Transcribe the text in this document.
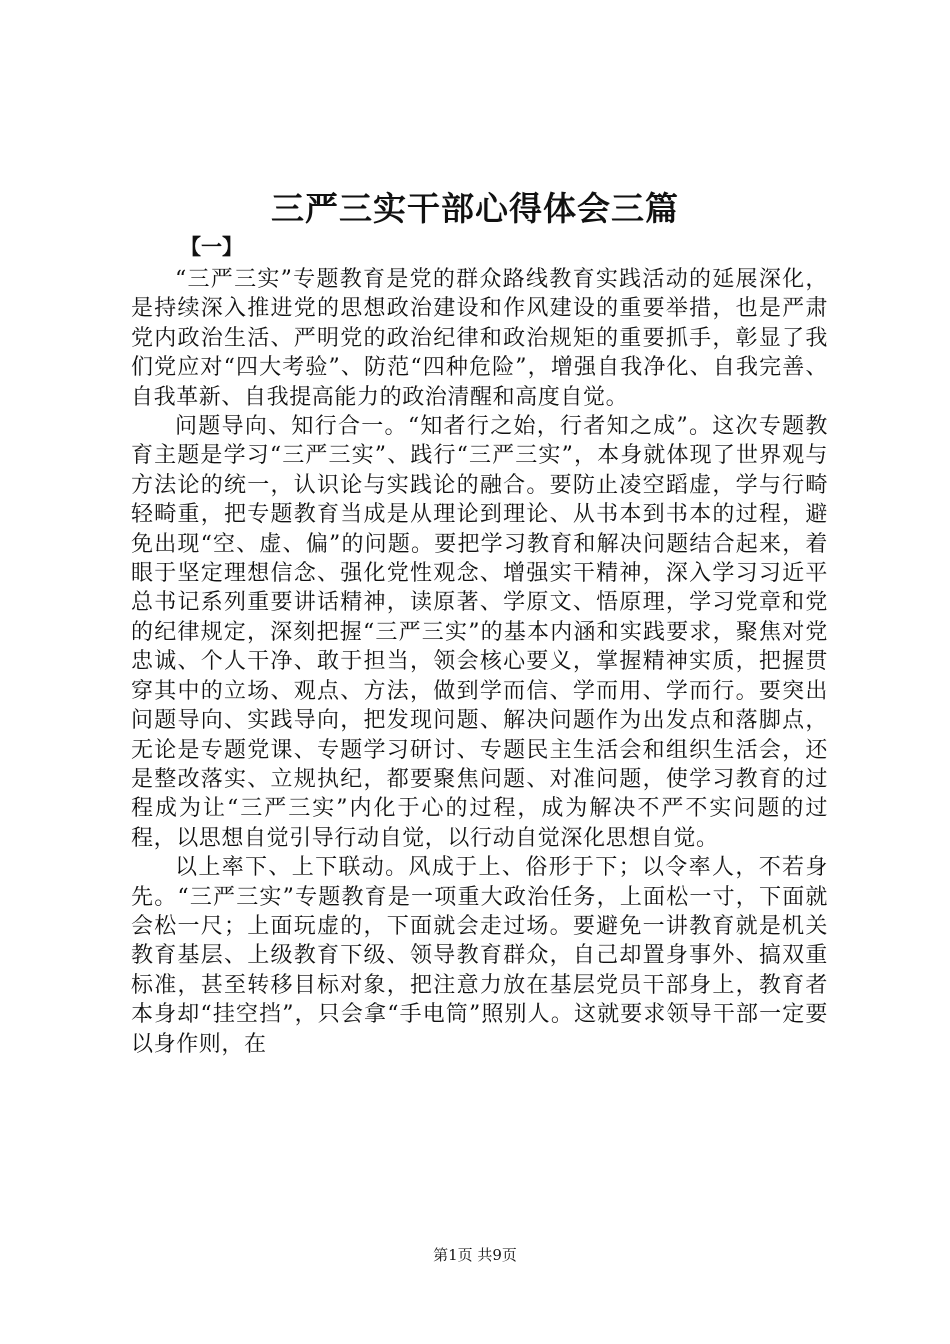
三严三实干部心得体会三篇
【一】

“三严三实”专题教育是党的群众路线教育实践活动的延展深化，是持续深入推进党的思想政治建设和作风建设的重要举措，也是严肃党内政治生活、严明党的政治纪律和政治规矩的重要抓手，彰显了我们党应对“四大考验”、防范“四种危险”，增强自我净化、自我完善、自我革新、自我提高能力的政治清醒和高度自觉。

问题导向、知行合一。“知者行之始，行者知之成”。这次专题教育主题是学习“三严三实”、践行“三严三实”，本身就体现了世界观与方法论的统一，认识论与实践论的融合。要防止凌空蹈虚，学与行畸轻畸重，把专题教育当成是从理论到理论、从书本到书本的过程，避免出现“空、虚、偏”的问题。要把学习教育和解决问题结合起来，着眼于坚定理想信念、强化党性观念、增强实干精神，深入学习习近平总书记系列重要讲话精神，读原著、学原文、悟原理，学习党章和党的纪律规定，深刻把握“三严三实”的基本内涵和实践要求，聚焦对党忠诚、个人干净、敢于担当，领会核心要义，掌握精神实质，把握贯穿其中的立场、观点、方法，做到学而信、学而用、学而行。要突出问题导向、实践导向，把发现问题、解决问题作为出发点和落脚点，无论是专题党课、专题学习研讨、专题民主生活会和组织生活会，还是整改落实、立规执纪，都要聚焦问题、对准问题，使学习教育的过程成为让“三严三实”内化于心的过程，成为解决不严不实问题的过程，以思想自觉引导行动自觉，以行动自觉深化思想自觉。

以上率下、上下联动。风成于上、俗形于下；以令率人，不若身先。“三严三实”专题教育是一项重大政治任务，上面松一寸，下面就会松一尺；上面玩虚的，下面就会走过场。要避免一讲教育就是机关教育基层、上级教育下级、领导教育群众，自己却置身事外、搞双重标准，甚至转移目标对象，把注意力放在基层党员干部身上，教育者本身却“挂空挡”，只会拿“手电筒”照别人。这就要求领导干部一定要以身作则，在

第1页 共9页
